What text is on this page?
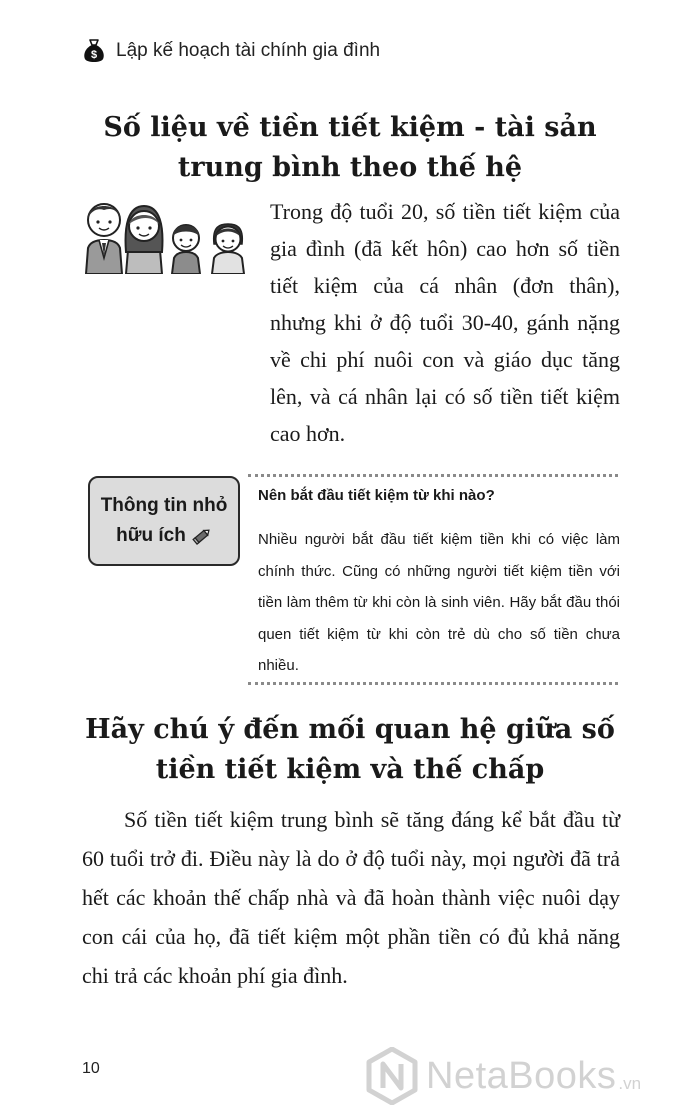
$ Lập kế hoạch tài chính gia đình
Số liệu về tiền tiết kiệm - tài sản trung bình theo thế hệ

Trong độ tuổi 20, số tiền tiết kiệm của gia đình (đã kết hôn) cao hơn số tiền tiết kiệm của cá nhân (đơn thân), nhưng khi ở độ tuổi 30-40, gánh nặng về chi phí nuôi con và giáo dục tăng lên, và cá nhân lại có số tiền tiết kiệm cao hơn.

Thông tin nhỏ
hữu ích
Nên bắt đầu tiết kiệm từ khi nào?

Nhiều người bắt đầu tiết kiệm tiền khi có việc làm chính thức. Cũng có những người tiết kiệm tiền với tiền làm thêm từ khi còn là sinh viên. Hãy bắt đầu thói quen tiết kiệm từ khi còn trẻ dù cho số tiền chưa nhiều.

Hãy chú ý đến mối quan hệ giữa số tiền tiết kiệm và thế chấp

Số tiền tiết kiệm trung bình sẽ tăng đáng kể bắt đầu từ 60 tuổi trở đi. Điều này là do ở độ tuổi này, mọi người đã trả hết các khoản thế chấp nhà và đã hoàn thành việc nuôi dạy con cái của họ, đã tiết kiệm một phần tiền có đủ khả năng chi trả các khoản phí gia đình.

10	NetaBooks .vn
